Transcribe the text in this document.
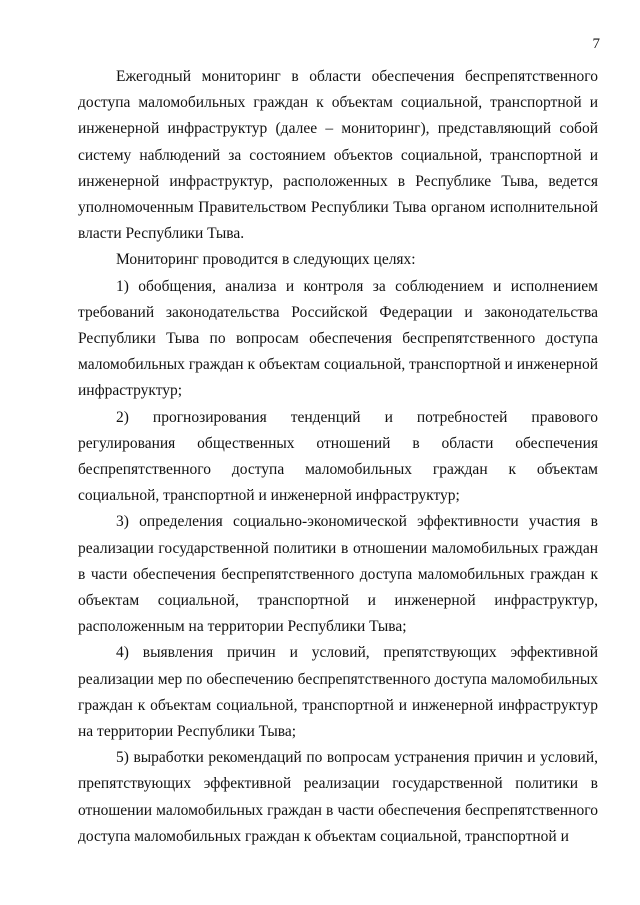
7

Ежегодный мониторинг в области обеспечения беспрепятственного доступа маломобильных граждан к объектам социальной, транспортной и инженерной инфраструктур (далее – мониторинг), представляющий собой систему наблюдений за состоянием объектов социальной, транспортной и инженерной инфраструктур, расположенных в Республике Тыва, ведется уполномоченным Правительством Республики Тыва органом исполнительной власти Республики Тыва.

Мониторинг проводится в следующих целях:

1) обобщения, анализа и контроля за соблюдением и исполнением требований законодательства Российской Федерации и законодательства Республики Тыва по вопросам обеспечения беспрепятственного доступа маломобильных граждан к объектам социальной, транспортной и инженерной инфраструктур;

2) прогнозирования тенденций и потребностей правового регулирования общественных отношений в области обеспечения беспрепятственного доступа маломобильных граждан к объектам социальной, транспортной и инженерной инфраструктур;

3) определения социально-экономической эффективности участия в реализации государственной политики в отношении маломобильных граждан в части обеспечения беспрепятственного доступа маломобильных граждан к объектам социальной, транспортной и инженерной инфраструктур, расположенным на территории Республики Тыва;

4) выявления причин и условий, препятствующих эффективной реализации мер по обеспечению беспрепятственного доступа маломобильных граждан к объектам социальной, транспортной и инженерной инфраструктур на территории Республики Тыва;

5) выработки рекомендаций по вопросам устранения причин и условий, препятствующих эффективной реализации государственной политики в отношении маломобильных граждан в части обеспечения беспрепятственного доступа маломобильных граждан к объектам социальной, транспортной и
